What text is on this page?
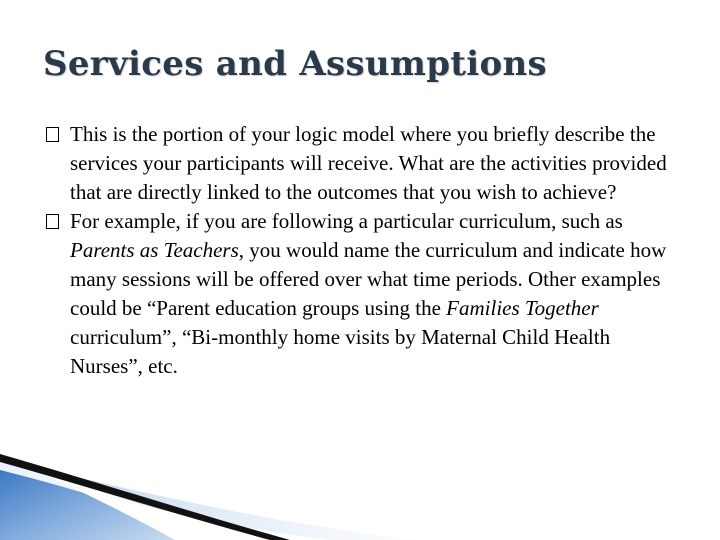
Services and Assumptions
This is the portion of your logic model where you briefly describe the services your participants will receive. What are the activities provided that are directly linked to the outcomes that you wish to achieve?
For example, if you are following a particular curriculum, such as Parents as Teachers, you would name the curriculum and indicate how many sessions will be offered over what time periods. Other examples could be “Parent education groups using the Families Together curriculum”, “Bi-monthly home visits by Maternal Child Health Nurses”, etc.
